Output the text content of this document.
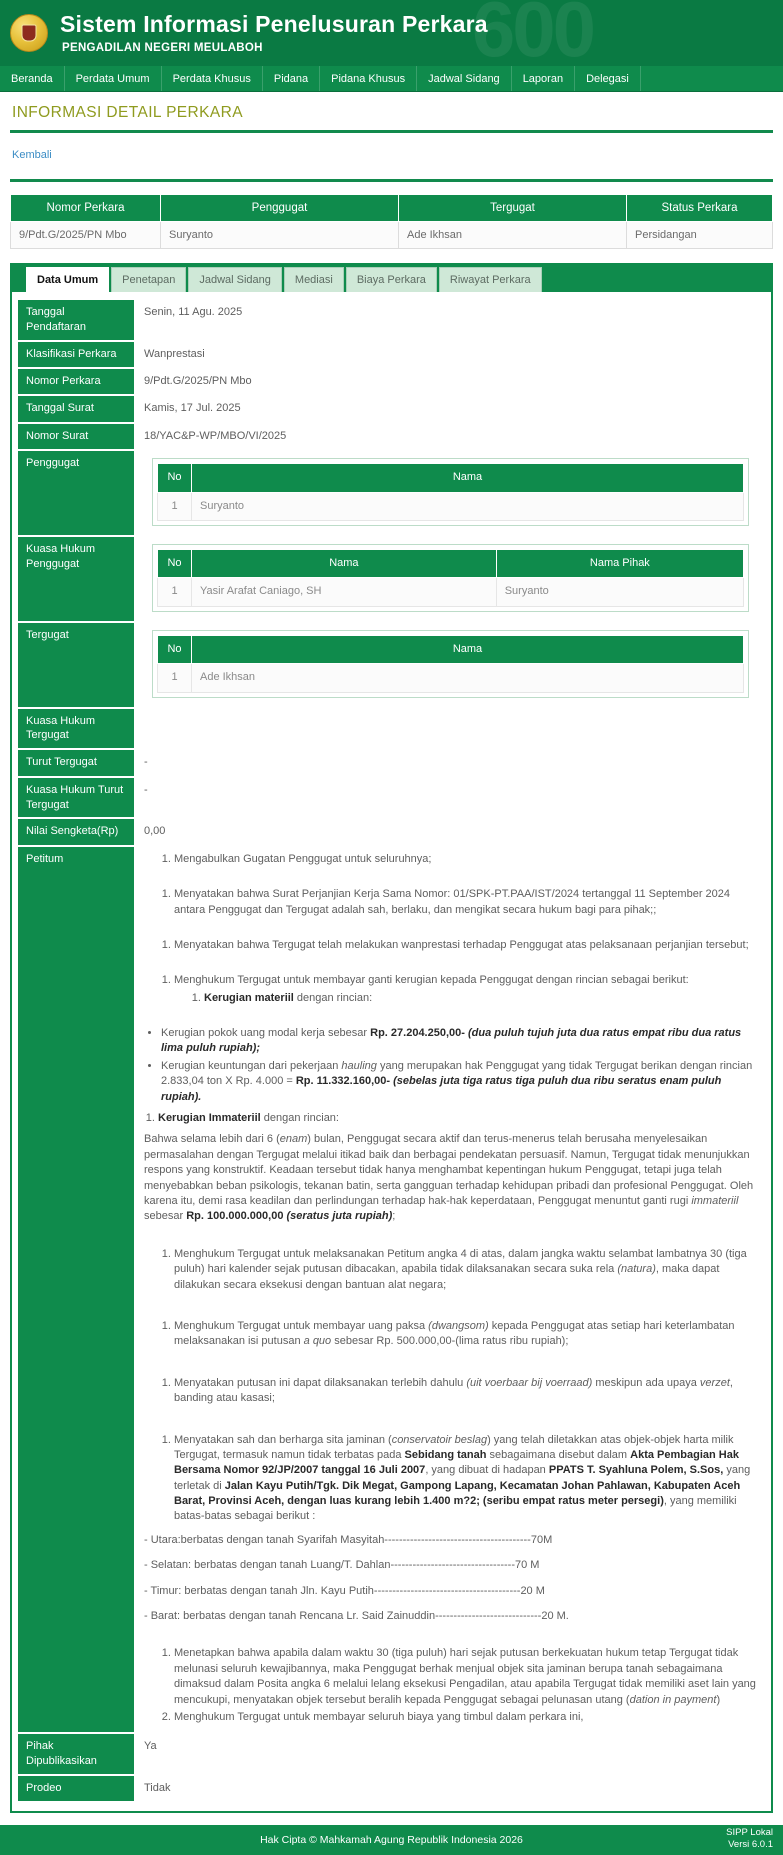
600
Sistem Informasi Penelusuran Perkara
PENGADILAN NEGERI MEULABOH
Beranda	Perdata Umum	Perdata Khusus	Pidana	Pidana Khusus	Jadwal Sidang	Laporan	Delegasi
INFORMASI DETAIL PERKARA
Kembali
Nomor Perkara	Penggugat	Tergugat	Status Perkara
9/Pdt.G/2025/PN Mbo	Suryanto	Ade Ikhsan	Persidangan
Data Umum	Penetapan	Jadwal Sidang	Mediasi	Biaya Perkara	Riwayat Perkara
Tanggal Pendaftaran	Senin, 11 Agu. 2025
Klasifikasi Perkara	Wanprestasi
Nomor Perkara	9/Pdt.G/2025/PN Mbo
Tanggal Surat	Kamis, 17 Jul. 2025
Nomor Surat	18/YAC&P-WP/MBO/VI/2025
Penggugat	
No	Nama
1	Suryanto

Kuasa Hukum Penggugat		No	Nama	Nama Pihak
1	Yasir Arafat Caniago, SH	Suryanto

Tergugat	
No	Nama
1	Ade Ikhsan

Kuasa Hukum Tergugat	
Turut Tergugat	-
Kuasa Hukum Turut Tergugat	-
Nilai Sengketa(Rp)	0,00
Petitum	
1.Mengabulkan Gugatan Penggugat untuk seluruhnya;
1. Menyatakan bahwa Surat Perjanjian Kerja Sama Nomor: 01/SPK-PT.PAA/IST/2024 tertanggal 11 September 2024 antara Penggugat dan Tergugat adalah sah, berlaku, dan mengikat secara hukum bagi para pihak;;
1. Menyatakan bahwa Tergugat telah melakukan wanprestasi terhadap Penggugat atas pelaksanaan perjanjian tersebut;
1. Menghukum Tergugat untuk membayar ganti kerugian kepada Penggugat dengan rincian sebagai berikut:
1. Kerugian materiil dengan rincian:
• Kerugian pokok uang modal kerja sebesar Rp. 27.204.250,00- (dua puluh tujuh juta dua ratus empat ribu dua ratus lima puluh rupiah);
• Kerugian keuntungan dari pekerjaan hauling yang merupakan hak Penggugat yang tidak Tergugat berikan dengan rincian 2.833,04 ton X Rp. 4.000 = Rp. 11.332.160,00- (sebelas juta tiga ratus tiga puluh dua ribu seratus enam puluh rupiah).
1. Kerugian Immateriil dengan rincian:

Bahwa selama lebih dari 6 (enam) bulan, Penggugat secara aktif dan terus-menerus telah berusaha menyelesaikan permasalahan dengan Tergugat melalui itikad baik dan berbagai pendekatan persuasif. Namun, Tergugat tidak menunjukkan respons yang konstruktif. Keadaan tersebut tidak hanya menghambat kepentingan hukum Penggugat, tetapi juga telah menyebabkan beban psikologis, tekanan batin, serta gangguan terhadap kehidupan pribadi dan profesional Penggugat. Oleh karena itu, demi rasa keadilan dan perlindungan terhadap hak-hak keperdataan, Penggugat menuntut ganti rugi immateriil sebesar Rp. 100.000.000,00 (seratus juta rupiah);

1. Menghukum Tergugat untuk melaksanakan Petitum angka 4 di atas, dalam jangka waktu selambat lambatnya 30 (tiga puluh) hari kalender sejak putusan dibacakan, apabila tidak dilaksanakan secara suka rela (natura), maka dapat dilakukan secara eksekusi dengan bantuan alat negara;
1. Menghukum Tergugat untuk membayar uang paksa (dwangsom) kepada Penggugat atas setiap hari keterlambatan melaksanakan isi putusan a quo sebesar Rp. 500.000,00-(lima ratus ribu rupiah);
1. Menyatakan putusan ini dapat dilaksanakan terlebih dahulu (uit voerbaar bij voerraad) meskipun ada upaya verzet, banding atau kasasi;
1. Menyatakan sah dan berharga sita jaminan (conservatoir beslag) yang telah diletakkan atas objek-objek harta milik Tergugat, termasuk namun tidak terbatas pada Sebidang tanah sebagaimana disebut dalam Akta Pembagian Hak Bersama Nomor 92/JP/2007 tanggal 16 Juli 2007, yang dibuat di hadapan PPATS T. Syahluna Polem, S.Sos, yang terletak di Jalan Kayu Putih/Tgk. Dik Megat, Gampong Lapang, Kecamatan Johan Pahlawan, Kabupaten Aceh Barat, Provinsi Aceh, dengan luas kurang lebih 1.400 m?2; (seribu empat ratus meter persegi), yang memiliki batas-batas sebagai berikut :

- Utara:berbatas dengan tanah Syarifah Masyitah----------------------------------------70M

- Selatan: berbatas dengan tanah Luang/T. Dahlan----------------------------------70 M

- Timur: berbatas dengan tanah Jln. Kayu Putih----------------------------------------20 M

- Barat: berbatas dengan tanah Rencana Lr. Said Zainuddin-----------------------------20 M.

1. Menetapkan bahwa apabila dalam waktu 30 (tiga puluh) hari sejak putusan berkekuatan hukum tetap Tergugat tidak melunasi seluruh kewajibannya, maka Penggugat berhak menjual objek sita jaminan berupa tanah sebagaimana dimaksud dalam Posita angka 6 melalui lelang eksekusi Pengadilan, atau apabila Tergugat tidak memiliki aset lain yang mencukupi, menyatakan objek tersebut beralih kepada Penggugat sebagai pelunasan utang (dation in payment)
2. Menghukum Tergugat untuk membayar seluruh biaya yang timbul dalam perkara ini,

Pihak Dipublikasikan	Ya
Prodeo	Tidak
Hak Cipta © Mahkamah Agung Republik Indonesia 2026
SIPP Lokal
Versi 6.0.1
